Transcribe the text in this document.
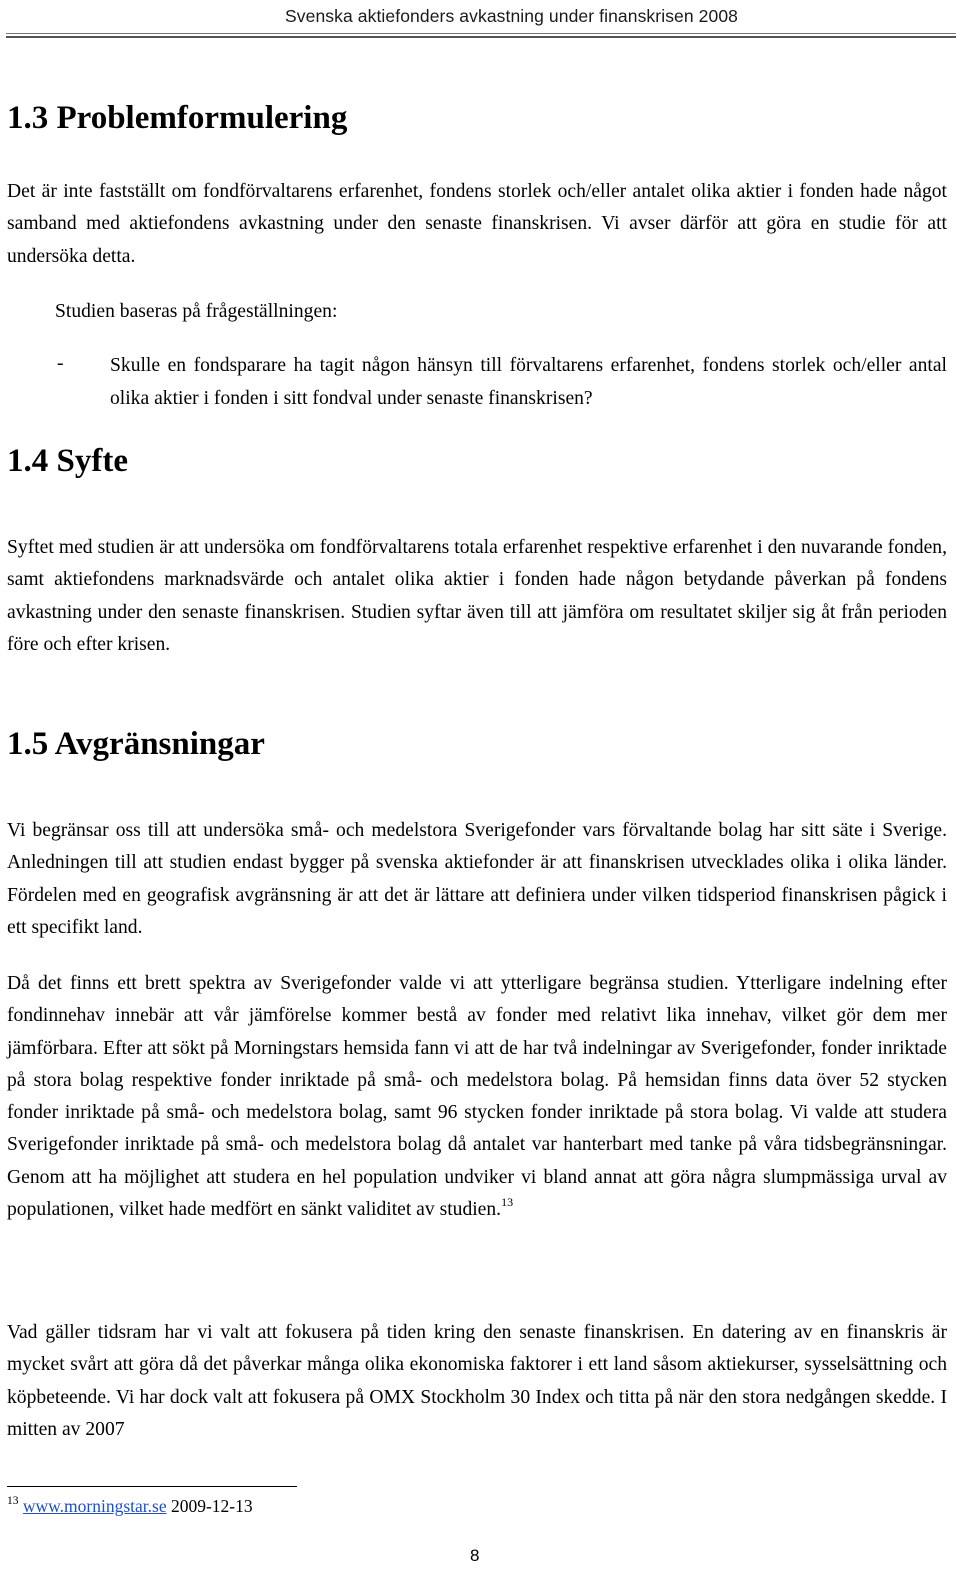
Svenska aktiefonders avkastning under finanskrisen 2008
1.3 Problemformulering

Det är inte fastställt om fondförvaltarens erfarenhet, fondens storlek och/eller antalet olika aktier i fonden hade något samband med aktiefondens avkastning under den senaste finanskrisen. Vi avser därför att göra en studie för att undersöka detta.

Studien baseras på frågeställningen:

- Skulle en fondsparare ha tagit någon hänsyn till förvaltarens erfarenhet, fondens storlek och/eller antal olika aktier i fonden i sitt fondval under senaste finanskrisen?

1.4 Syfte

Syftet med studien är att undersöka om fondförvaltarens totala erfarenhet respektive erfarenhet i den nuvarande fonden, samt aktiefondens marknadsvärde och antalet olika aktier i fonden hade någon betydande påverkan på fondens avkastning under den senaste finanskrisen. Studien syftar även till att jämföra om resultatet skiljer sig åt från perioden före och efter krisen.

1.5 Avgränsningar

Vi begränsar oss till att undersöka små- och medelstora Sverigefonder vars förvaltande bolag har sitt säte i Sverige. Anledningen till att studien endast bygger på svenska aktiefonder är att finanskrisen utvecklades olika i olika länder. Fördelen med en geografisk avgränsning är att det är lättare att definiera under vilken tidsperiod finanskrisen pågick i ett specifikt land.

Då det finns ett brett spektra av Sverigefonder valde vi att ytterligare begränsa studien. Ytterligare indelning efter fondinnehav innebär att vår jämförelse kommer bestå av fonder med relativt lika innehav, vilket gör dem mer jämförbara. Efter att sökt på Morningstars hemsida fann vi att de har två indelningar av Sverigefonder, fonder inriktade på stora bolag respektive fonder inriktade på små- och medelstora bolag. På hemsidan finns data över 52 stycken fonder inriktade på små- och medelstora bolag, samt 96 stycken fonder inriktade på stora bolag. Vi valde att studera Sverigefonder inriktade på små- och medelstora bolag då antalet var hanterbart med tanke på våra tidsbegränsningar. Genom att ha möjlighet att studera en hel population undviker vi bland annat att göra några slumpmässiga urval av populationen, vilket hade medfört en sänkt validitet av studien.$^{13}$

Vad gäller tidsram har vi valt att fokusera på tiden kring den senaste finanskrisen. En datering av en finanskris är mycket svårt att göra då det påverkar många olika ekonomiska faktorer i ett land såsom aktiekurser, sysselsättning och köpbeteende. Vi har dock valt att fokusera på OMX Stockholm 30 Index och titta på när den stora nedgången skedde. I mitten av 2007

$^{13}$ www.morningstar.se 2009-12-13
8
